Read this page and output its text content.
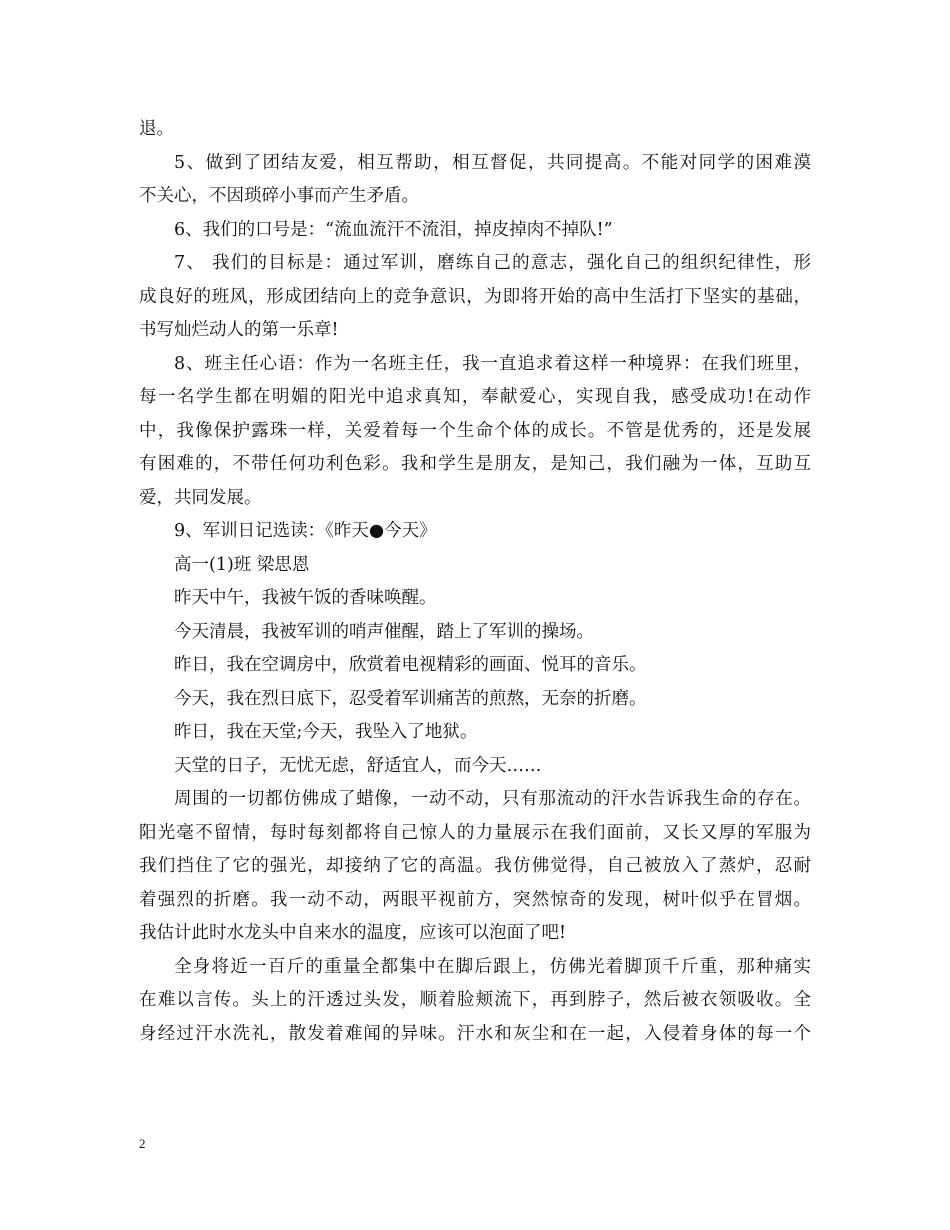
退。
5、做到了团结友爱，相互帮助，相互督促，共同提高。不能对同学的困难漠
不关心，不因琐碎小事而产生矛盾。
6、我们的口号是：“流血流汗不流泪，掉皮掉肉不掉队!”
7、 我们的目标是：通过军训，磨练自己的意志，强化自己的组织纪律性，形
成良好的班风，形成团结向上的竞争意识，为即将开始的高中生活打下坚实的基础，
书写灿烂动人的第一乐章!
8、班主任心语：作为一名班主任，我一直追求着这样一种境界：在我们班里，
每一名学生都在明媚的阳光中追求真知，奉献爱心，实现自我，感受成功!在动作
中，我像保护露珠一样，关爱着每一个生命个体的成长。不管是优秀的，还是发展
有困难的，不带任何功利色彩。我和学生是朋友，是知己，我们融为一体，互助互
爱，共同发展。
9、军训日记选读：《昨天●今天》
高一(1)班 梁思恩
昨天中午，我被午饭的香味唤醒。
今天清晨，我被军训的哨声催醒，踏上了军训的操场。
昨日，我在空调房中，欣赏着电视精彩的画面、悦耳的音乐。
今天，我在烈日底下，忍受着军训痛苦的煎熬，无奈的折磨。
昨日，我在天堂;今天，我坠入了地狱。
天堂的日子，无忧无虑，舒适宜人，而今天……
周围的一切都仿佛成了蜡像，一动不动，只有那流动的汗水告诉我生命的存在。
阳光毫不留情，每时每刻都将自己惊人的力量展示在我们面前，又长又厚的军服为
我们挡住了它的强光，却接纳了它的高温。我仿佛觉得，自己被放入了蒸炉，忍耐
着强烈的折磨。我一动不动，两眼平视前方，突然惊奇的发现，树叶似乎在冒烟。
我估计此时水龙头中自来水的温度，应该可以泡面了吧!
全身将近一百斤的重量全都集中在脚后跟上，仿佛光着脚顶千斤重，那种痛实
在难以言传。头上的汗透过头发，顺着脸颊流下，再到脖子，然后被衣领吸收。全
身经过汗水洗礼，散发着难闻的异味。汗水和灰尘和在一起，入侵着身体的每一个
2
